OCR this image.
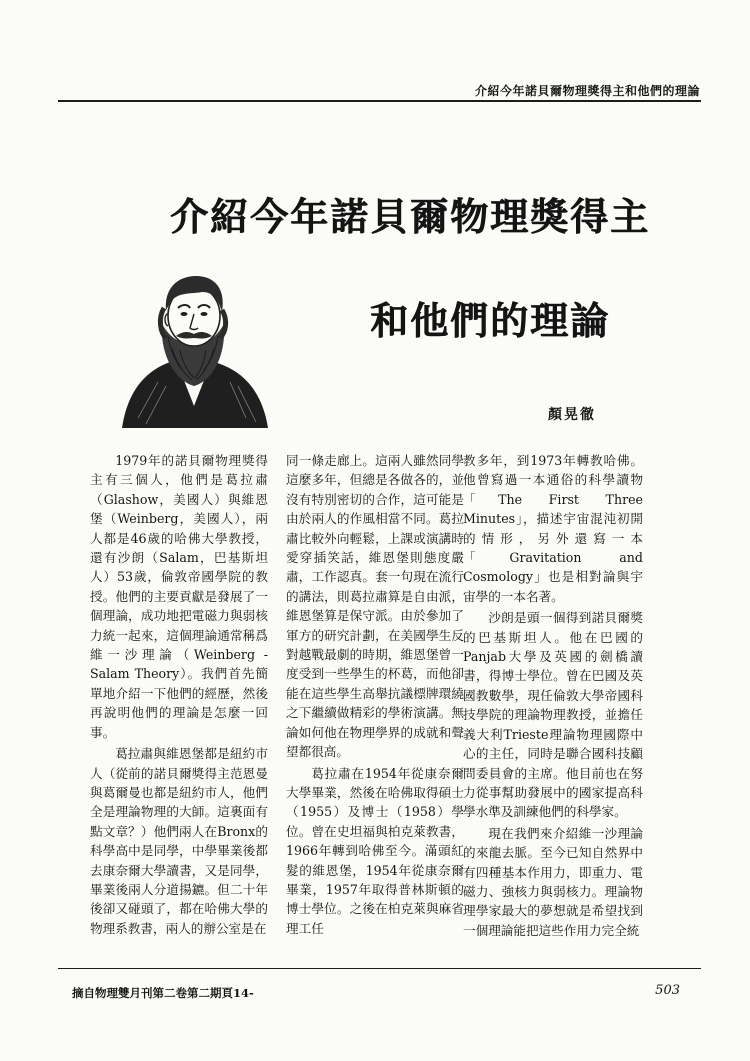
介紹今年諾貝爾物理獎得主和他們的理論
介紹今年諾貝爾物理獎得主
和他們的理論
顏晃徹

1979年的諾貝爾物理獎得主有三個人，他們是葛拉肅（Glashow，美國人）與維恩堡（Weinberg，美國人），兩人都是46歲的哈佛大學教授，還有沙朗（Salam，巴基斯坦人）53歲，倫敦帝國學院的教授。他們的主要貢獻是發展了一個理論，成功地把電磁力與弱核力統一起來，這個理論通常稱爲維一沙理論（Weinberg - Salam Theory）。我們首先簡單地介紹一下他們的經歷，然後再說明他們的理論是怎麼一回事。

葛拉肅與維恩堡都是紐約市人（從前的諾貝爾獎得主范恩曼與葛爾曼也都是紐約市人，他們全是理論物理的大師。這裏面有點文章？）他們兩人在Bronx的科學高中是同學，中學畢業後都去康奈爾大學讀書，又是同學，畢業後兩人分道揚鑣。但二十年後卻又碰頭了，都在哈佛大學的物理系教書，兩人的辦公室是在

同一條走廊上。這兩人雖然同學這麼多年，但總是各做各的，並沒有特別密切的合作，這可能是由於兩人的作風相當不同。葛拉肅比較外向輕鬆，上課或演講時愛穿插笑話，維恩堡則態度嚴肅，工作認真。套一句現在流行的講法，則葛拉肅算是自由派，維恩堡算是保守派。由於參加了軍方的研究計劃，在美國學生反對越戰最劇的時期，維恩堡曾一度受到一些學生的杯葛，而他卻能在這些學生高舉抗議標牌環繞之下繼續做精彩的學術演講。無論如何他在物理學界的成就和聲望都很高。

葛拉肅在1954年從康奈爾大學畢業，然後在哈佛取得碩士（1955）及博士（1958）學位。曾在史坦福與柏克萊教書，1966年轉到哈佛至今。滿頭紅髮的維恩堡，1954年從康奈爾畢業，1957年取得普林斯頓的博士學位。之後在柏克萊與麻省理工任

教多年，到1973年轉教哈佛。他曾寫過一本通俗的科學讀物「The First Three Minutes」，描述宇宙混沌初開的情形，另外還寫一本「Gravitation and Cosmology」也是相對論與宇宙學的一本名著。

沙朗是頭一個得到諾貝爾獎的巴基斯坦人。他在巴國的Panjab大學及英國的劍橋讀書，得博士學位。曾在巴國及英國教數學，現任倫敦大學帝國科技學院的理論物理教授，並擔任義大利Trieste理論物理國際中心的主任，同時是聯合國科技顧問委員會的主席。他目前也在努力從事幫助發展中的國家提高科學水準及訓練他們的科學家。

現在我們來介紹維一沙理論的來龍去脈。至今已知自然界中有四種基本作用力，即重力、電磁力、強核力與弱核力。理論物理學家最大的夢想就是希望找到一個理論能把這些作用力完全統

摘自物理雙月刊第二卷第二期頁14-	503
